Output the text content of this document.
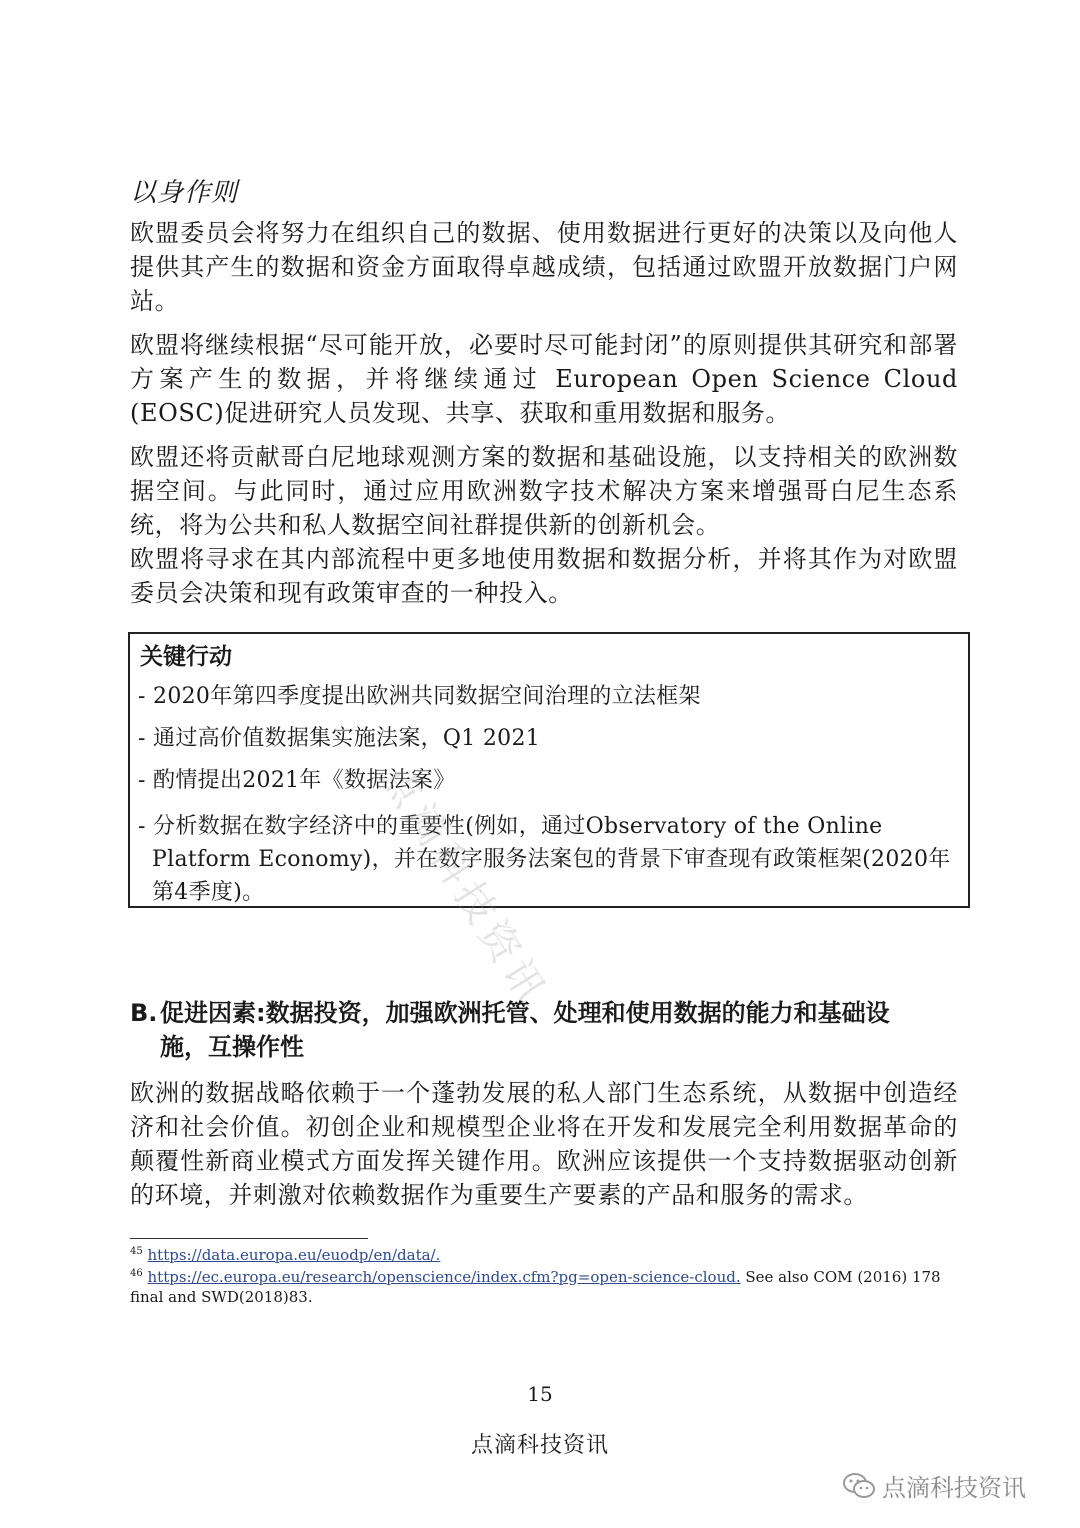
以身作则
欧盟委员会将努力在组织自己的数据、使用数据进行更好的决策以及向他人提供其产生的数据和资金方面取得卓越成绩，包括通过欧盟开放数据门户网站。
欧盟将继续根据“尽可能开放，必要时尽可能封闭”的原则提供其研究和部署方案产生的数据，并将继续通过 European Open Science Cloud (EOSC)促进研究人员发现、共享、获取和重用数据和服务。
欧盟还将贡献哥白尼地球观测方案的数据和基础设施，以支持相关的欧洲数据空间。与此同时，通过应用欧洲数字技术解决方案来增强哥白尼生态系统，将为公共和私人数据空间社群提供新的创新机会。
欧盟将寻求在其内部流程中更多地使用数据和数据分析，并将其作为对欧盟委员会决策和现有政策审查的一种投入。
关键行动
- 2020年第四季度提出欧洲共同数据空间治理的立法框架
- 通过高价值数据集实施法案，Q1 2021
- 酌情提出2021年《数据法案》
- 分析数据在数字经济中的重要性(例如，通过Observatory of the Online Platform Economy)，并在数字服务法案包的背景下审查现有政策框架(2020年第4季度)。	点滴科技资讯
B. 促进因素:数据投资，加强欧洲托管、处理和使用数据的能力和基础设
施，互操作性
欧洲的数据战略依赖于一个蓬勃发展的私人部门生态系统，从数据中创造经济和社会价值。初创企业和规模型企业将在开发和发展完全利用数据革命的颠覆性新商业模式方面发挥关键作用。欧洲应该提供一个支持数据驱动创新的环境，并刺激对依赖数据作为重要生产要素的产品和服务的需求。
$^{45}$ https://data.europa.eu/euodp/en/data/.
$^{46}$ https://ec.europa.eu/research/openscience/index.cfm?pg=open-science-cloud. See also COM (2016) 178 final and SWD(2018)83.
15
点滴科技资讯
点滴科技资讯
